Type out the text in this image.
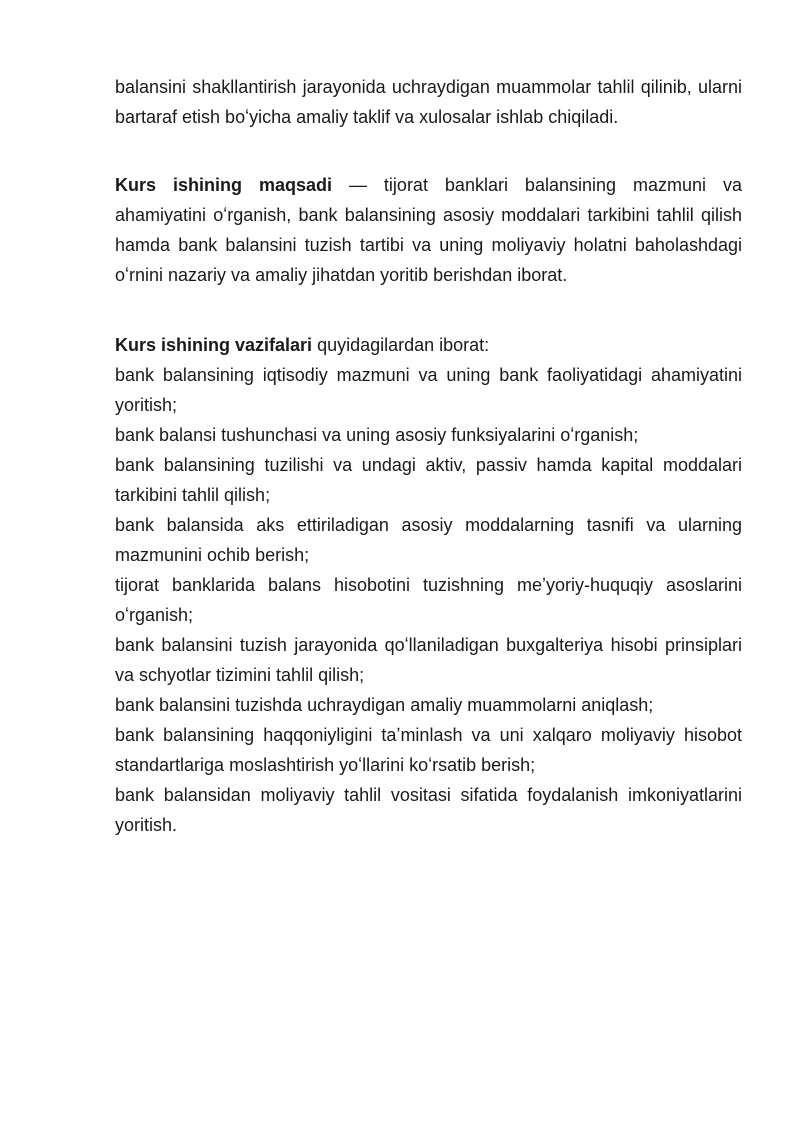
balansini shakllantirish jarayonida uchraydigan muammolar tahlil qilinib, ularni bartaraf etish boʻyicha amaliy taklif va xulosalar ishlab chiqiladi.

Kurs ishining maqsadi — tijorat banklari balansining mazmuni va ahamiyatini oʻrganish, bank balansining asosiy moddalari tarkibini tahlil qilish hamda bank balansini tuzish tartibi va uning moliyaviy holatni baholashdagi oʻrnini nazariy va amaliy jihatdan yoritib berishdan iborat.

Kurs ishining vazifalari quyidagilardan iborat:

bank balansining iqtisodiy mazmuni va uning bank faoliyatidagi ahamiyatini yoritish;

bank balansi tushunchasi va uning asosiy funksiyalarini oʻrganish;

bank balansining tuzilishi va undagi aktiv, passiv hamda kapital moddalari tarkibini tahlil qilish;

bank balansida aks ettiriladigan asosiy moddalarning tasnifi va ularning mazmunini ochib berish;

tijorat banklarida balans hisobotini tuzishning meʼyoriy-huquqiy asoslarini oʻrganish;

bank balansini tuzish jarayonida qoʻllaniladigan buxgalteriya hisobi prinsiplari va schyotlar tizimini tahlil qilish;

bank balansini tuzishda uchraydigan amaliy muammolarni aniqlash;

bank balansining haqqoniyligini taʼminlash va uni xalqaro moliyaviy hisobot standartlariga moslashtirish yoʻllarini koʻrsatib berish;

bank balansidan moliyaviy tahlil vositasi sifatida foydalanish imkoniyatlarini yoritish.
